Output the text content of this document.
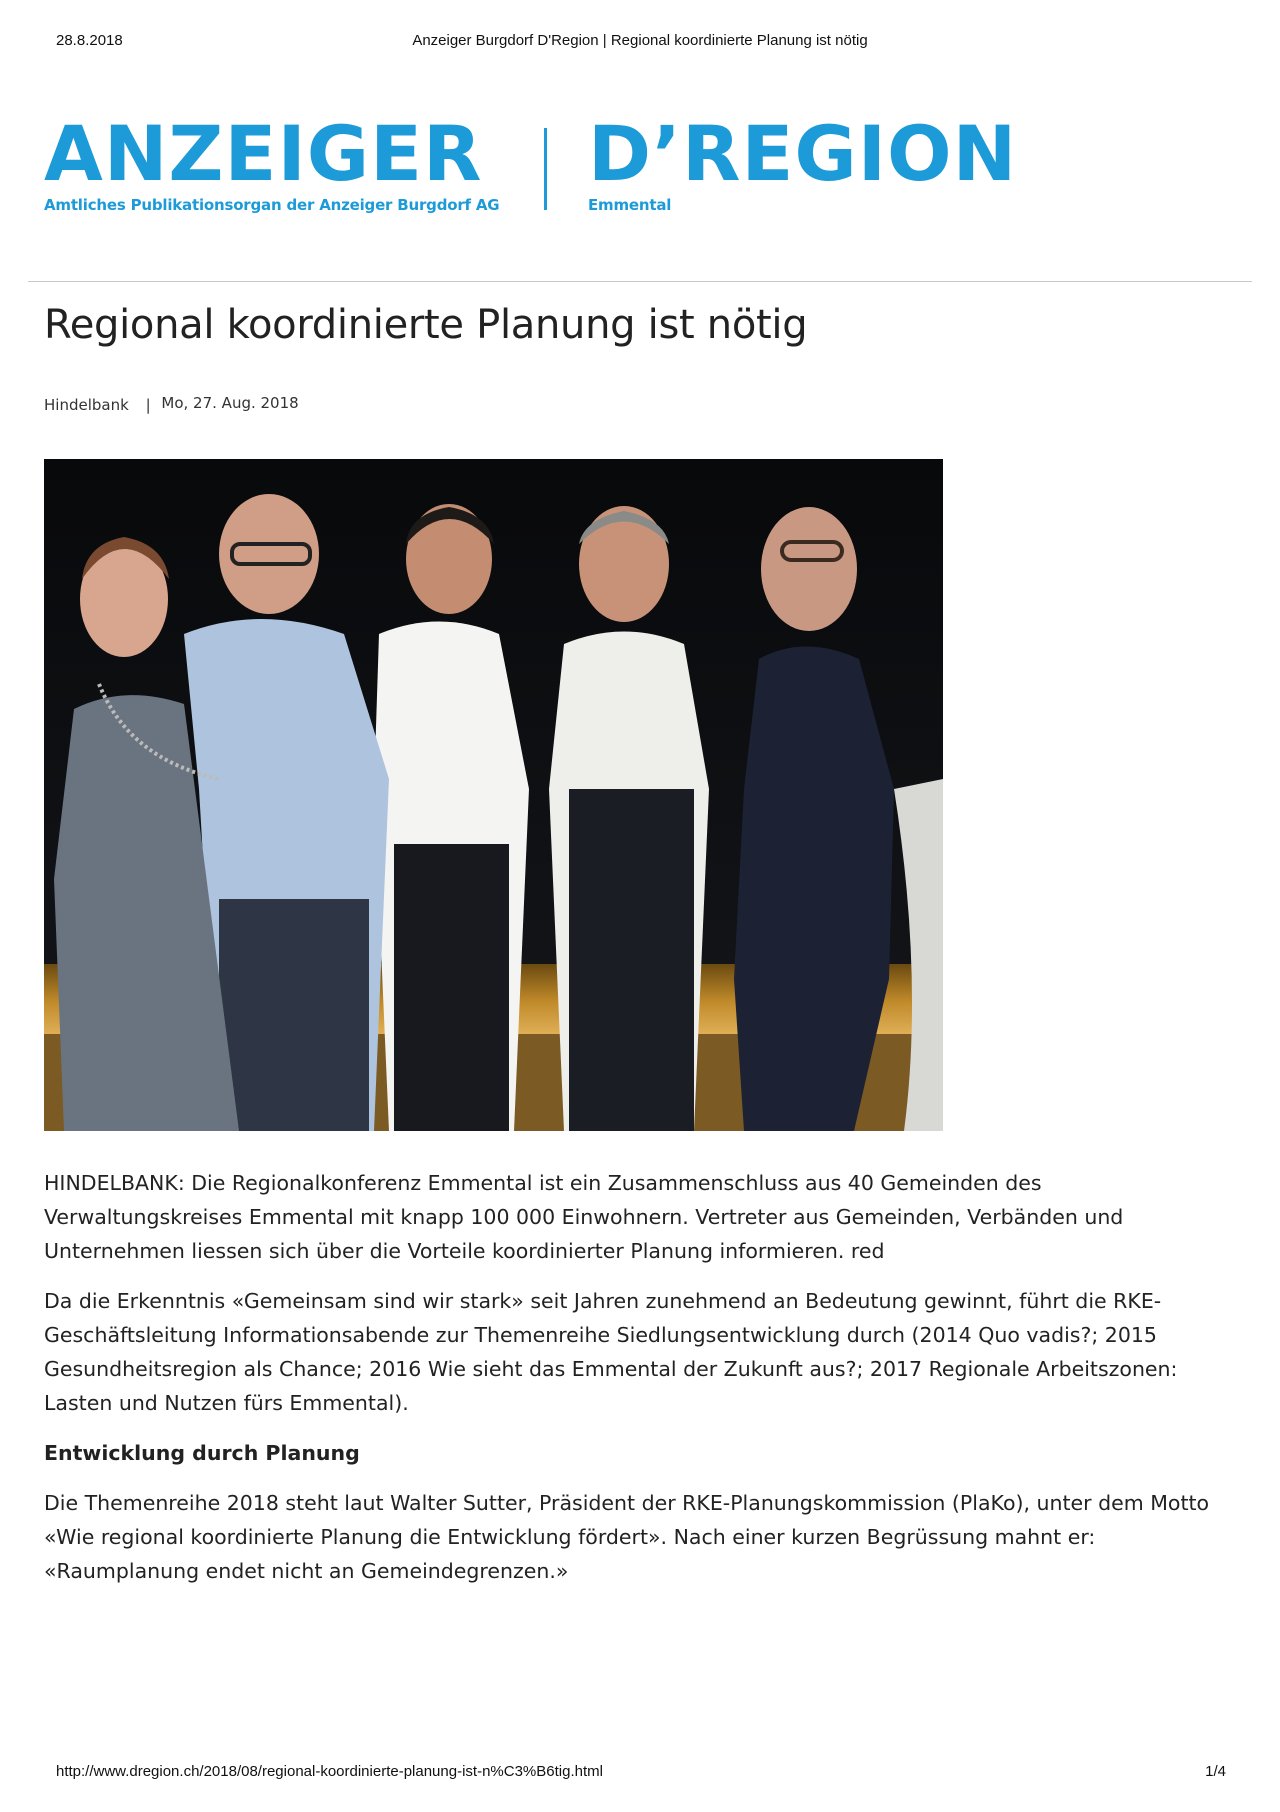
28.8.2018	Anzeiger Burgdorf D'Region | Regional koordinierte Planung ist nötig
ANZEIGER
Amtliches Publikationsorgan der Anzeiger Burgdorf AG
D’REGION
Emmental
Regional koordinierte Planung ist nötig
Hindelbank | Mo, 27. Aug. 2018

HINDELBANK: Die Regionalkonferenz Emmental ist ein Zusammenschluss aus 40 Gemeinden des Verwaltungskreises Emmental mit knapp 100 000 Einwohnern. Vertreter aus Gemeinden, Verbänden und Unternehmen liessen sich über die Vorteile koordinierter Planung informieren. red

Da die Erkenntnis «Gemeinsam sind wir stark» seit Jahren zunehmend an Bedeutung gewinnt, führt die RKE-Geschäftsleitung Informationsabende zur Themenreihe Siedlungsentwicklung durch (2014 Quo vadis?; 2015 Gesundheitsregion als Chance; 2016 Wie sieht das Emmental der Zukunft aus?; 2017 Regionale Arbeitszonen: Lasten und Nutzen fürs Emmental).

Entwicklung durch Planung

Die Themenreihe 2018 steht laut Walter Sutter, Präsident der RKE-Planungskommission (PlaKo), unter dem Motto «Wie regional koordinierte Planung die Entwicklung fördert». Nach einer kurzen Begrüssung mahnt er: «Raumplanung endet nicht an Gemeindegrenzen.»

http://www.dregion.ch/2018/08/regional-koordinierte-planung-ist-n%C3%B6tig.html	1/4
